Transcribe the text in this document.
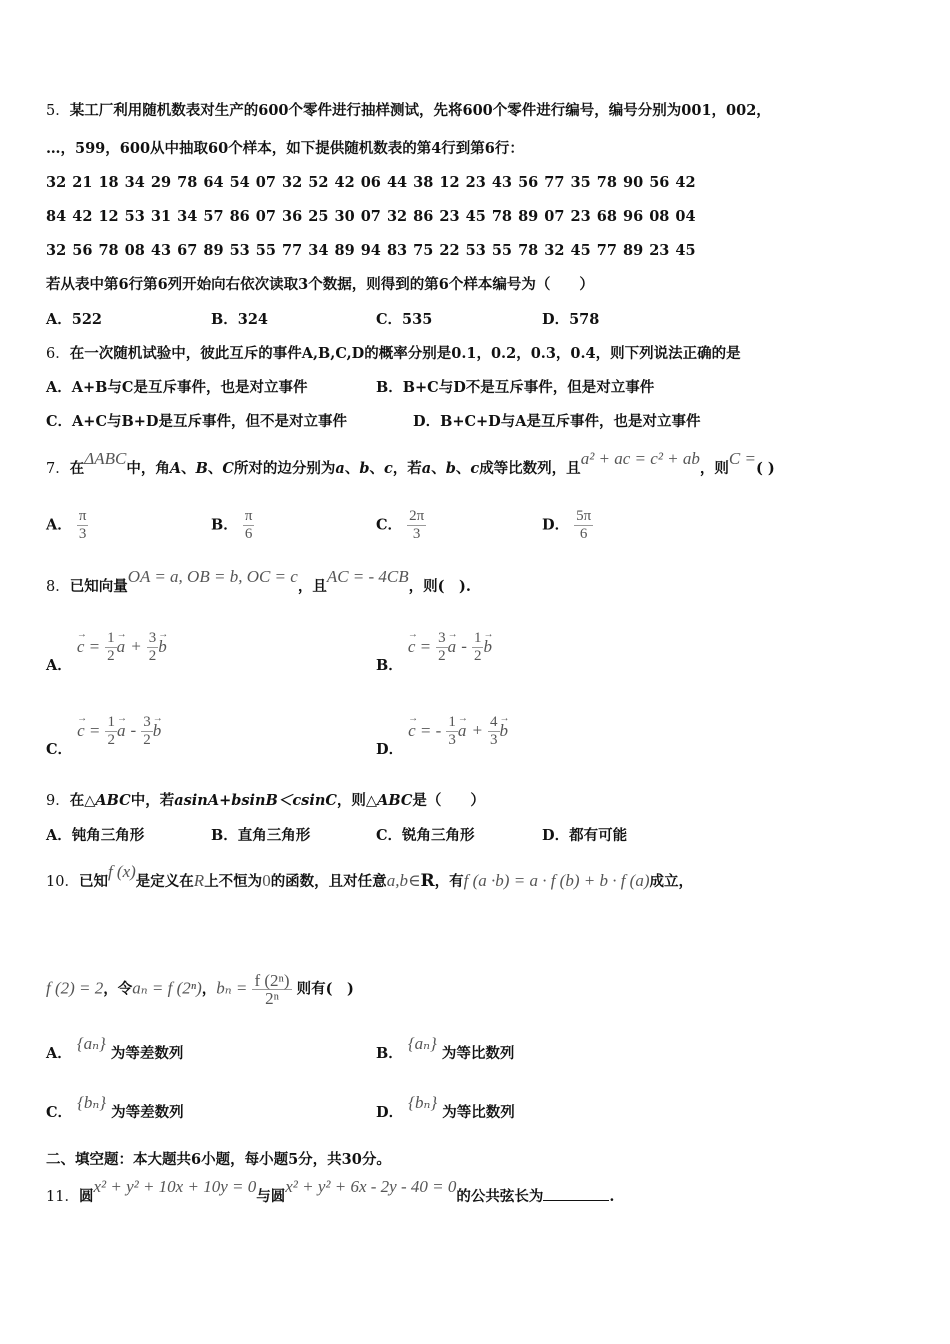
5．某工厂利用随机数表对生产的600个零件进行抽样测试，先将600个零件进行编号，编号分别为001，002，
…，599，600从中抽取60个样本，如下提供随机数表的第4行到第6行：
32 21 18 34 29 78 64 54 07 32 52 42 06 44 38 12 23 43 56 77 35 78 90 56 42
84 42 12 53 31 34 57 86 07 36 25 30 07 32 86 23 45 78 89 07 23 68 96 08 04
32 56 78 08 43 67 89 53 55 77 34 89 94 83 75 22 53 55 78 32 45 77 89 23 45
若从表中第6行第6列开始向右依次读取3个数据，则得到的第6个样本编号为（　　）
A．522	B．324	C．535	D．578
6．在一次随机试验中，彼此互斥的事件A,B,C,D的概率分别是0.1，0.2，0.3，0.4，则下列说法正确的是
A．A+B与C是互斥事件，也是对立事件	B．B+C与D不是互斥事件，但是对立事件
C．A+C与B+D是互斥事件，但不是对立事件	D．B+C+D与A是互斥事件，也是对立事件
7．在ΔABC中，角A、B、C所对的边分别为a、b、c，若a、b、c成等比数列，且a² + ac = c² + ab，则C =( )
A． $\frac{\pi}{3}$	B． $\frac{\pi}{6}$	C． $\frac{2\pi}{3}$	D． $\frac{5\pi}{6}$
8．已知向量OA = a, OB = b, OC = c，且AC = - 4CB，则(　).
A． → $c = \frac{1}{2}$
→ $a + \frac{3}{2}$
→ b
B． → $c = \frac{3}{2}$
→ a - $\frac{1}{2}$
→ b
C． → $c = \frac{1}{2}$
→ a - $\frac{3}{2}$
→ b
D． → c = - $\frac{1}{3}$
→ $a + \frac{4}{3}$
→ b
9．在△ABC中，若asinA+bsinB＜csinC，则△ABC是（　　）
A．钝角三角形	B．直角三角形	C．锐角三角形	D．都有可能
10．已知f (x)是定义在R上不恒为0的函数，且对任意a,b∈R，有f (a ·b) = a · f (b) + b · f (a)成立，
f (2) = 2，令aₙ = f (2ⁿ)，$b_n = \frac{\text{f (2ⁿ)}}{\text{2ⁿ}}$ 则有(　)
A． {aₙ} 为等差数列	B． {aₙ} 为等比数列
C． {bₙ} 为等差数列	D． {bₙ} 为等比数列
二、填空题：本大题共6小题，每小题5分，共30分。
11．圆x² + y² + 10x + 10y = 0与圆x² + y² + 6x - 2y - 40 = 0的公共弦长为	.
